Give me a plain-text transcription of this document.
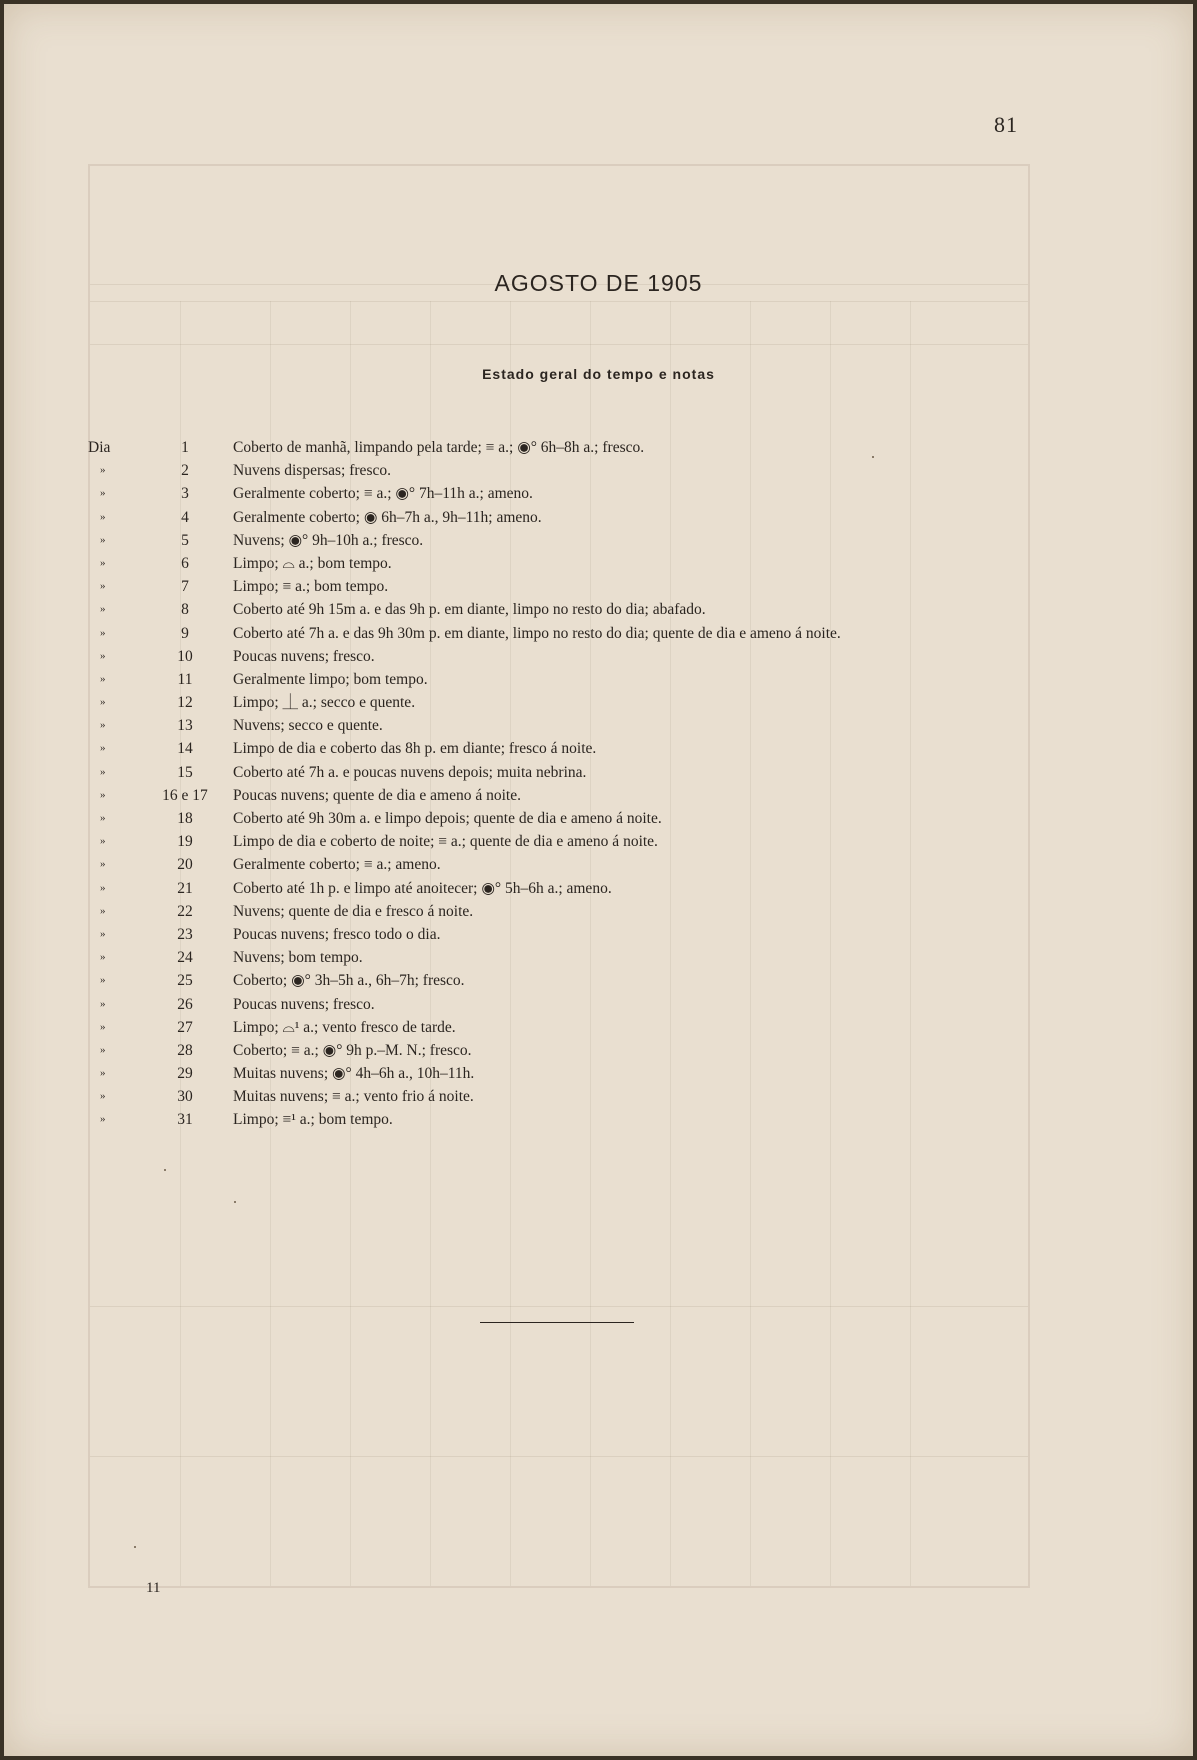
81
AGOSTO DE 1905
Estado geral do tempo e notas
Dia	1	Coberto de manhã, limpando pela tarde; ≡ a.; ◉° 6h–8h a.; fresco.
»	2	Nuvens dispersas; fresco.
»	3	Geralmente coberto; ≡ a.; ◉° 7h–11h a.; ameno.
»	4	Geralmente coberto; ◉ 6h–7h a., 9h–11h; ameno.
»	5	Nuvens; ◉° 9h–10h a.; fresco.
»	6	Limpo; ⌓ a.; bom tempo.
»	7	Limpo; ≡ a.; bom tempo.
»	8	Coberto até 9h 15m a. e das 9h p. em diante, limpo no resto do dia; abafado.
»	9	Coberto até 7h a. e das 9h 30m p. em diante, limpo no resto do dia; quente de dia e ameno á noite.
»	10	Poucas nuvens; fresco.
»	11	Geralmente limpo; bom tempo.
»	12	Limpo; ⏊ a.; secco e quente.
»	13	Nuvens; secco e quente.
»	14	Limpo de dia e coberto das 8h p. em diante; fresco á noite.
»	15	Coberto até 7h a. e poucas nuvens depois; muita nebrina.
»	16 e 17	Poucas nuvens; quente de dia e ameno á noite.
»	18	Coberto até 9h 30m a. e limpo depois; quente de dia e ameno á noite.
»	19	Limpo de dia e coberto de noite; ≡ a.; quente de dia e ameno á noite.
»	20	Geralmente coberto; ≡ a.; ameno.
»	21	Coberto até 1h p. e limpo até anoitecer; ◉° 5h–6h a.; ameno.
»	22	Nuvens; quente de dia e fresco á noite.
»	23	Poucas nuvens; fresco todo o dia.
»	24	Nuvens; bom tempo.
»	25	Coberto; ◉° 3h–5h a., 6h–7h; fresco.
»	26	Poucas nuvens; fresco.
»	27	Limpo; ⌓¹ a.; vento fresco de tarde.
»	28	Coberto; ≡ a.; ◉° 9h p.–M. N.; fresco.
»	29	Muitas nuvens; ◉° 4h–6h a., 10h–11h.
»	30	Muitas nuvens; ≡ a.; vento frio á noite.
»	31	Limpo; ≡¹ a.; bom tempo.
11
